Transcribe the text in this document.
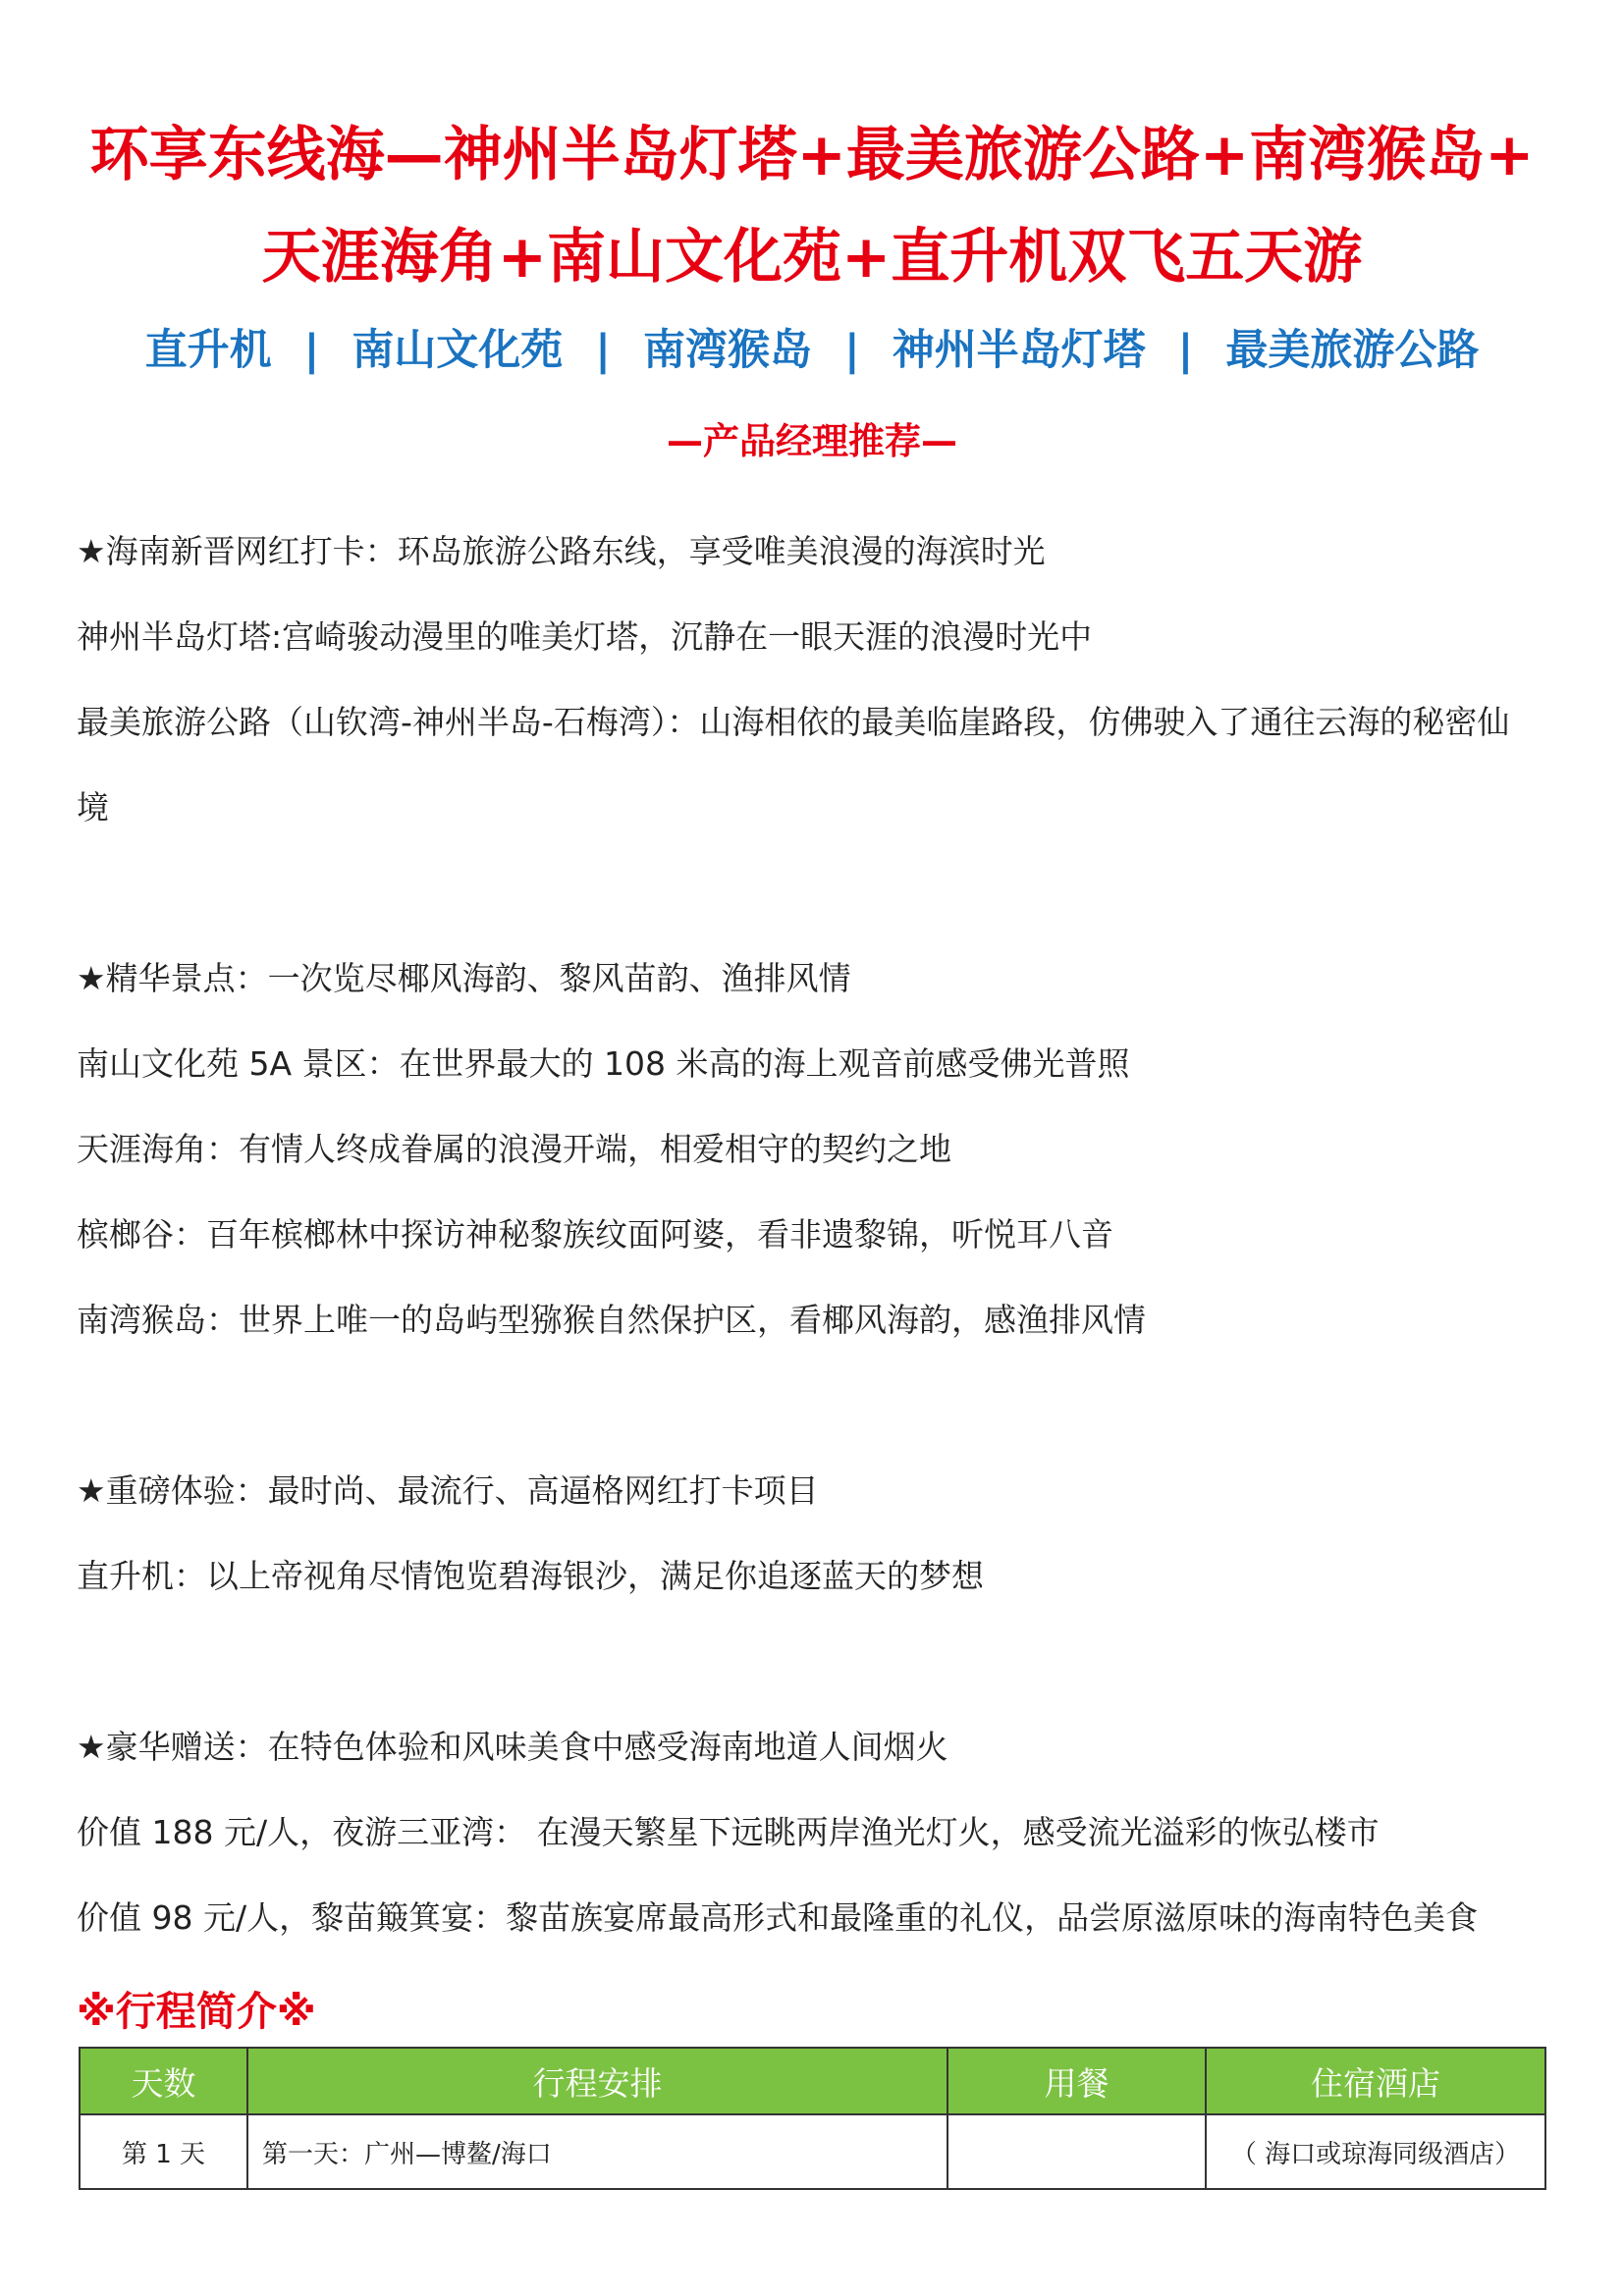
环享东线海—神州半岛灯塔+最美旅游公路+南湾猴岛+
天涯海角+南山文化苑+直升机双飞五天游
直升机 | 南山文化苑 | 南湾猴岛 | 神州半岛灯塔 | 最美旅游公路
—产品经理推荐—
★海南新晋网红打卡：环岛旅游公路东线，享受唯美浪漫的海滨时光
神州半岛灯塔:宫崎骏动漫里的唯美灯塔，沉静在一眼天涯的浪漫时光中
最美旅游公路（山钦湾-神州半岛-石梅湾）：山海相依的最美临崖路段，仿佛驶入了通往云海的秘密仙
境
★精华景点：一次览尽椰风海韵、黎风苗韵、渔排风情
南山文化苑 5A 景区：在世界最大的 108 米高的海上观音前感受佛光普照
天涯海角：有情人终成眷属的浪漫开端，相爱相守的契约之地
槟榔谷：百年槟榔林中探访神秘黎族纹面阿婆，看非遗黎锦，听悦耳八音
南湾猴岛：世界上唯一的岛屿型猕猴自然保护区，看椰风海韵，感渔排风情
★重磅体验：最时尚、最流行、高逼格网红打卡项目
直升机：以上帝视角尽情饱览碧海银沙，满足你追逐蓝天的梦想
★豪华赠送：在特色体验和风味美食中感受海南地道人间烟火
价值 188 元/人，夜游三亚湾： 在漫天繁星下远眺两岸渔光灯火，感受流光溢彩的恢弘楼市
价值 98 元/人，黎苗簸箕宴：黎苗族宴席最高形式和最隆重的礼仪，品尝原滋原味的海南特色美食
※行程简介※
天数	行程安排	用餐	住宿酒店
第 1 天	第一天：广州—博鳌/海口		（ 海口或琼海同级酒店）
